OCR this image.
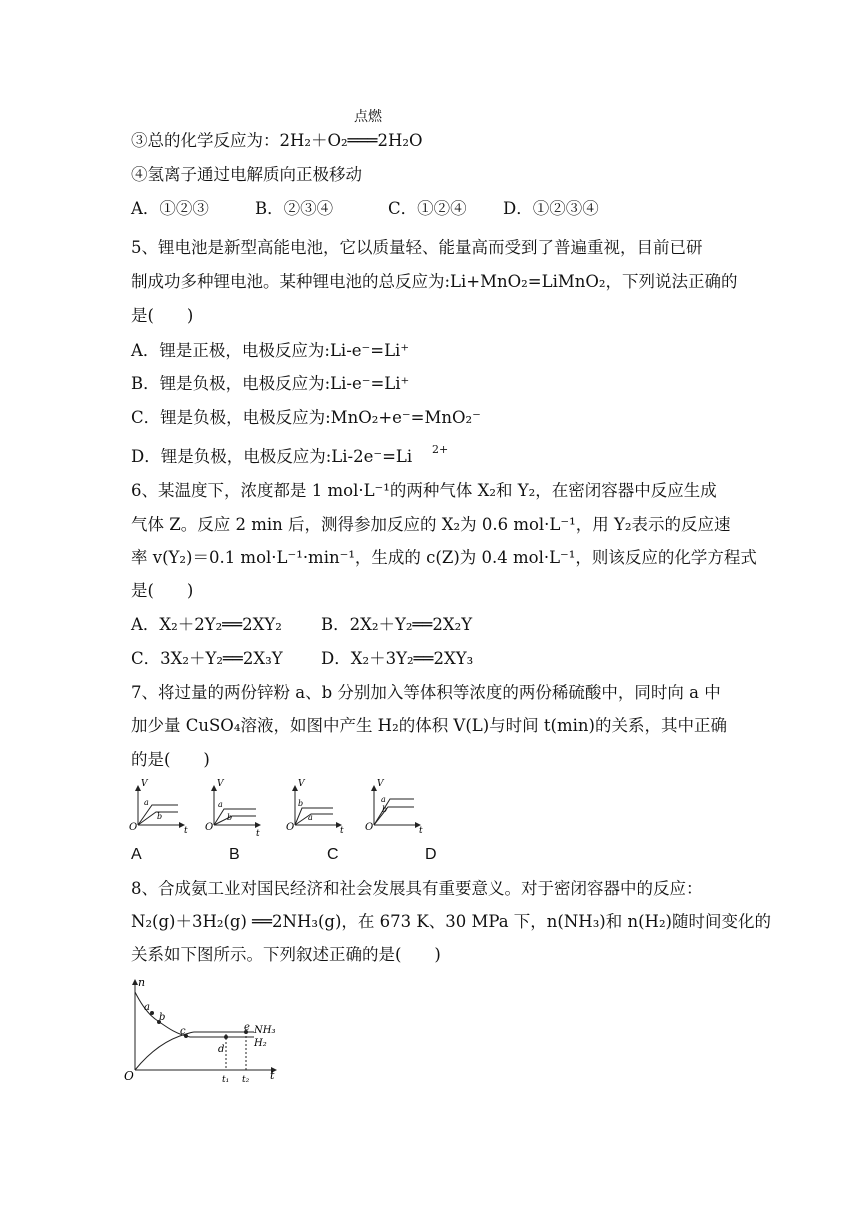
点燃
③总的化学反应为：2H₂＋O₂═══2H₂O
④氢离子通过电解质向正极移动
A．①②③	B．②③④	C．①②④ D．①②③④
5、锂电池是新型高能电池，它以质量轻、能量高而受到了普遍重视，目前已研
制成功多种锂电池。某种锂电池的总反应为:Li+MnO₂=LiMnO₂，下列说法正确的
是(　　)
A．锂是正极，电极反应为:Li-e⁻=Li⁺
B．锂是负极，电极反应为:Li-e⁻=Li⁺
C．锂是负极，电极反应为:MnO₂+e⁻=MnO₂⁻
D．锂是负极，电极反应为:Li-2e⁻=Li 2+
6、某温度下，浓度都是 1 mol·L⁻¹的两种气体 X₂和 Y₂，在密闭容器中反应生成
气体 Z。反应 2 min 后，测得参加反应的 X₂为 0.6 mol·L⁻¹，用 Y₂表示的反应速
率 v(Y₂)＝0.1 mol·L⁻¹·min⁻¹，生成的 c(Z)为 0.4 mol·L⁻¹，则该反应的化学方程式
是(　　)
A．X₂＋2Y₂══2XY₂ B．2X₂＋Y₂══2X₂Y
C．3X₂＋Y₂══2X₃Y D．X₂＋3Y₂══2XY₃
7、将过量的两份锌粉 a、b 分别加入等体积等浓度的两份稀硫酸中，同时向 a 中
加少量 CuSO₄溶液，如图中产生 H₂的体积 V(L)与时间 t(min)的关系，其中正确
的是(　　)
V
t
O
a
b
V
t
O
a
b
V
t
O
b
a
V
t
O
a
b
A	B	C	D
8、合成氨工业对国民经济和社会发展具有重要意义。对于密闭容器中的反应：
N₂(g)＋3H₂(g) ══2NH₃(g)，在 673 K、30 MPa 下，n(NH₃)和 n(H₂)随时间变化的
关系如下图所示。下列叙述正确的是(　　)
n
t
O
a
b
c
d
e NH₃
H₂
t₁ t₂
